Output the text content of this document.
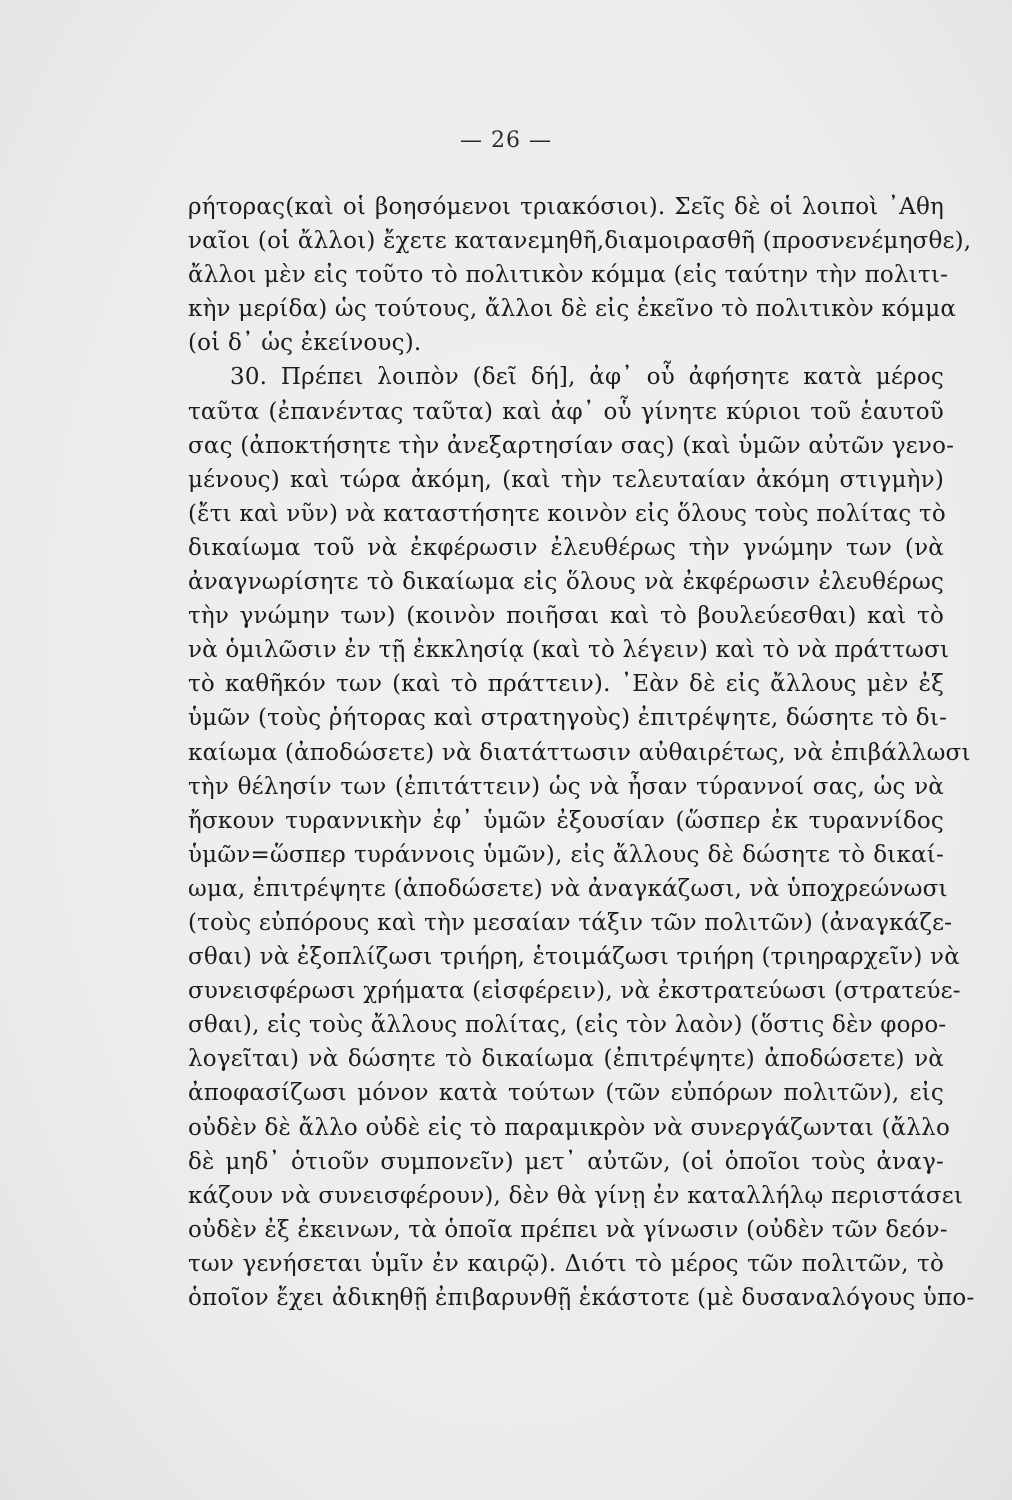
— 26 —
ρήτορας(καὶ οἱ βοησόμενοι τριακόσιοι). Σεῖς δὲ οἱ λοιποὶ ᾿Αθη
ναῖοι (οἱ ἄλλοι) ἔχετε κατανεμηθῆ,διαμοιρασθῆ (προσνενέμησθε),
ἄλλοι μὲν εἰς τοῦτο τὸ πολιτικὸν κόμμα (εἰς ταύτην τὴν πολιτι-
κὴν μερίδα) ὡς τούτους, ἄλλοι δὲ εἰς ἐκεῖνο τὸ πολιτικὸν κόμμα
(οἱ δ᾽ ὡς ἐκείνους).
30. Πρέπει λοιπὸν (δεῖ δή], ἀφ᾽ οὗ ἀφήσητε κατὰ μέρος
ταῦτα (ἐπανέντας ταῦτα) καὶ ἀφ᾽ οὗ γίνητε κύριοι τοῦ ἑαυτοῦ
σας (ἀποκτήσητε τὴν ἀνεξαρτησίαν σας) (καὶ ὑμῶν αὐτῶν γενο-
μένους) καὶ τώρα ἀκόμη, (καὶ τὴν τελευταίαν ἀκόμη στιγμὴν)
(ἔτι καὶ νῦν) νὰ καταστήσητε κοινὸν εἰς ὅλους τοὺς πολίτας τὸ
δικαίωμα τοῦ νὰ ἐκφέρωσιν ἐλευθέρως τὴν γνώμην των (νὰ
ἀναγνωρίσητε τὸ δικαίωμα εἰς ὅλους νὰ ἐκφέρωσιν ἐλευθέρως
τὴν γνώμην των) (κοινὸν ποιῆσαι καὶ τὸ βουλεύεσθαι) καὶ τὸ
νὰ ὁμιλῶσιν ἐν τῇ ἐκκλησίᾳ (καὶ τὸ λέγειν) καὶ τὸ νὰ πράττωσι
τὸ καθῆκόν των (καὶ τὸ πράττειν). ᾿Εὰν δὲ εἰς ἄλλους μὲν ἐξ
ὑμῶν (τοὺς ῥήτορας καὶ στρατηγοὺς) ἐπιτρέψητε, δώσητε τὸ δι-
καίωμα (ἀποδώσετε) νὰ διατάττωσιν αὐθαιρέτως, νὰ ἐπιβάλλωσι
τὴν θέλησίν των (ἐπιτάττειν) ὡς νὰ ἦσαν τύραννοί σας, ὡς νὰ
ἤσκουν τυραννικὴν ἐφ᾽ ὑμῶν ἐξουσίαν (ὥσπερ ἐκ τυραννίδος
ὑμῶν=ὥσπερ τυράννοις ὑμῶν), εἰς ἄλλους δὲ δώσητε τὸ δικαί-
ωμα, ἐπιτρέψητε (ἀποδώσετε) νὰ ἀναγκάζωσι, νὰ ὑποχρεώνωσι
(τοὺς εὐπόρους καὶ τὴν μεσαίαν τάξιν τῶν πολιτῶν) (ἀναγκάζε-
σθαι) νὰ ἐξοπλίζωσι τριήρη, ἑτοιμάζωσι τριήρη (τριηραρχεῖν) νὰ
συνεισφέρωσι χρήματα (εἰσφέρειν), νὰ ἐκστρατεύωσι (στρατεύε-
σθαι), εἰς τοὺς ἄλλους πολίτας, (εἰς τὸν λαὸν) (ὅστις δὲν φορο-
λογεῖται) νὰ δώσητε τὸ δικαίωμα (ἐπιτρέψητε) ἀποδώσετε) νὰ
ἀποφασίζωσι μόνον κατὰ τούτων (τῶν εὐπόρων πολιτῶν), εἰς
οὐδὲν δὲ ἄλλο οὐδὲ εἰς τὸ παραμικρὸν νὰ συνεργάζωνται (ἄλλο
δὲ μηδ᾽ ὁτιοῦν συμπονεῖν) μετ᾽ αὐτῶν, (οἱ ὁποῖοι τοὺς ἀναγ-
κάζουν νὰ συνεισφέρουν), δὲν θὰ γίνῃ ἐν καταλλήλῳ περιστάσει
οὐδὲν ἐξ ἐκεινων, τὰ ὁποῖα πρέπει νὰ γίνωσιν (οὐδὲν τῶν δεόν-
των γενήσεται ὑμῖν ἐν καιρῷ). Διότι τὸ μέρος τῶν πολιτῶν, τὸ
ὁποῖον ἔχει ἀδικηθῇ ἐπιβαρυνθῇ ἑκάστοτε (μὲ δυσαναλόγους ὑπο-
